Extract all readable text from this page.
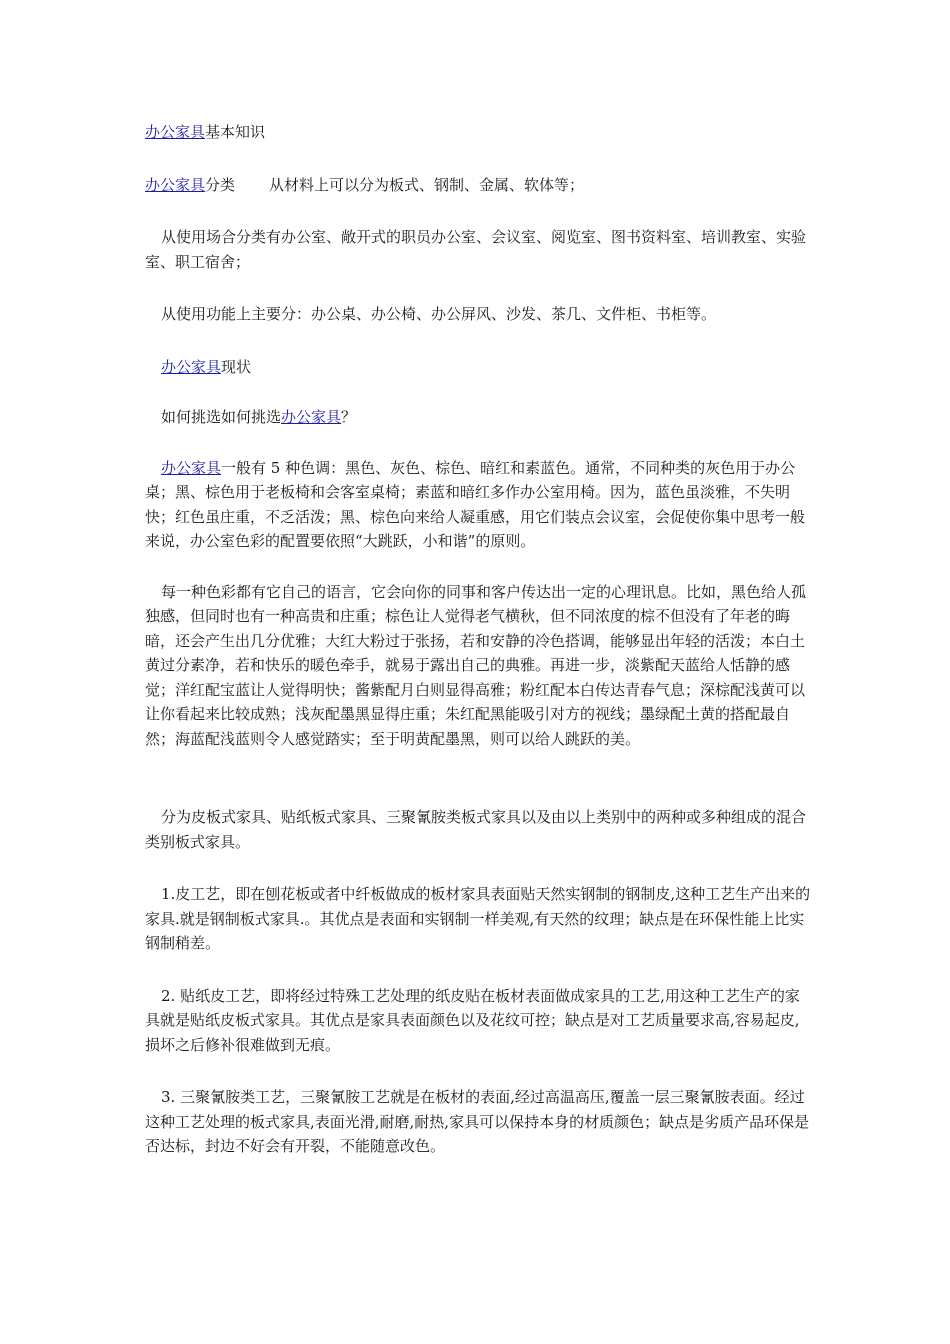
办公家具基本知识

办公家具分类 从材料上可以分为板式、钢制、金属、软体等；

从使用场合分类有办公室、敞开式的职员办公室、会议室、阅览室、图书资料室、培训教室、实验室、职工宿舍；

从使用功能上主要分：办公桌、办公椅、办公屏风、沙发、茶几、文件柜、书柜等。

办公家具现状

如何挑选如何挑选办公家具？

办公家具一般有 5 种色调：黑色、灰色、棕色、暗红和素蓝色。通常，不同种类的灰色用于办公桌；黑、棕色用于老板椅和会客室桌椅；素蓝和暗红多作办公室用椅。因为，蓝色虽淡雅，不失明快；红色虽庄重，不乏活泼；黑、棕色向来给人凝重感，用它们装点会议室，会促使你集中思考一般来说，办公室色彩的配置要依照“大跳跃，小和谐”的原则。

每一种色彩都有它自己的语言，它会向你的同事和客户传达出一定的心理讯息。比如，黑色给人孤独感，但同时也有一种高贵和庄重；棕色让人觉得老气横秋，但不同浓度的棕不但没有了年老的晦暗，还会产生出几分优雅；大红大粉过于张扬，若和安静的冷色搭调，能够显出年轻的活泼；本白土黄过分素净，若和快乐的暖色牵手，就易于露出自己的典雅。再进一步，淡紫配天蓝给人恬静的感觉；洋红配宝蓝让人觉得明快；酱紫配月白则显得高雅；粉红配本白传达青春气息；深棕配浅黄可以让你看起来比较成熟；浅灰配墨黑显得庄重；朱红配黑能吸引对方的视线；墨绿配土黄的搭配最自然；海蓝配浅蓝则令人感觉踏实；至于明黄配墨黑，则可以给人跳跃的美。

分为皮板式家具、贴纸板式家具、三聚氰胺类板式家具以及由以上类别中的两种或多种组成的混合类别板式家具。

1.皮工艺，即在刨花板或者中纤板做成的板材家具表面贴天然实钢制的钢制皮,这种工艺生产出来的家具.就是钢制板式家具.。其优点是表面和实钢制一样美观,有天然的纹理；缺点是在环保性能上比实钢制稍差。

2. 贴纸皮工艺，即将经过特殊工艺处理的纸皮贴在板材表面做成家具的工艺,用这种工艺生产的家具就是贴纸皮板式家具。其优点是家具表面颜色以及花纹可控；缺点是对工艺质量要求高,容易起皮,损坏之后修补很难做到无痕。

3. 三聚氰胺类工艺，三聚氰胺工艺就是在板材的表面,经过高温高压,覆盖一层三聚氰胺表面。经过这种工艺处理的板式家具,表面光滑,耐磨,耐热,家具可以保持本身的材质颜色；缺点是劣质产品环保是否达标，封边不好会有开裂，不能随意改色。
